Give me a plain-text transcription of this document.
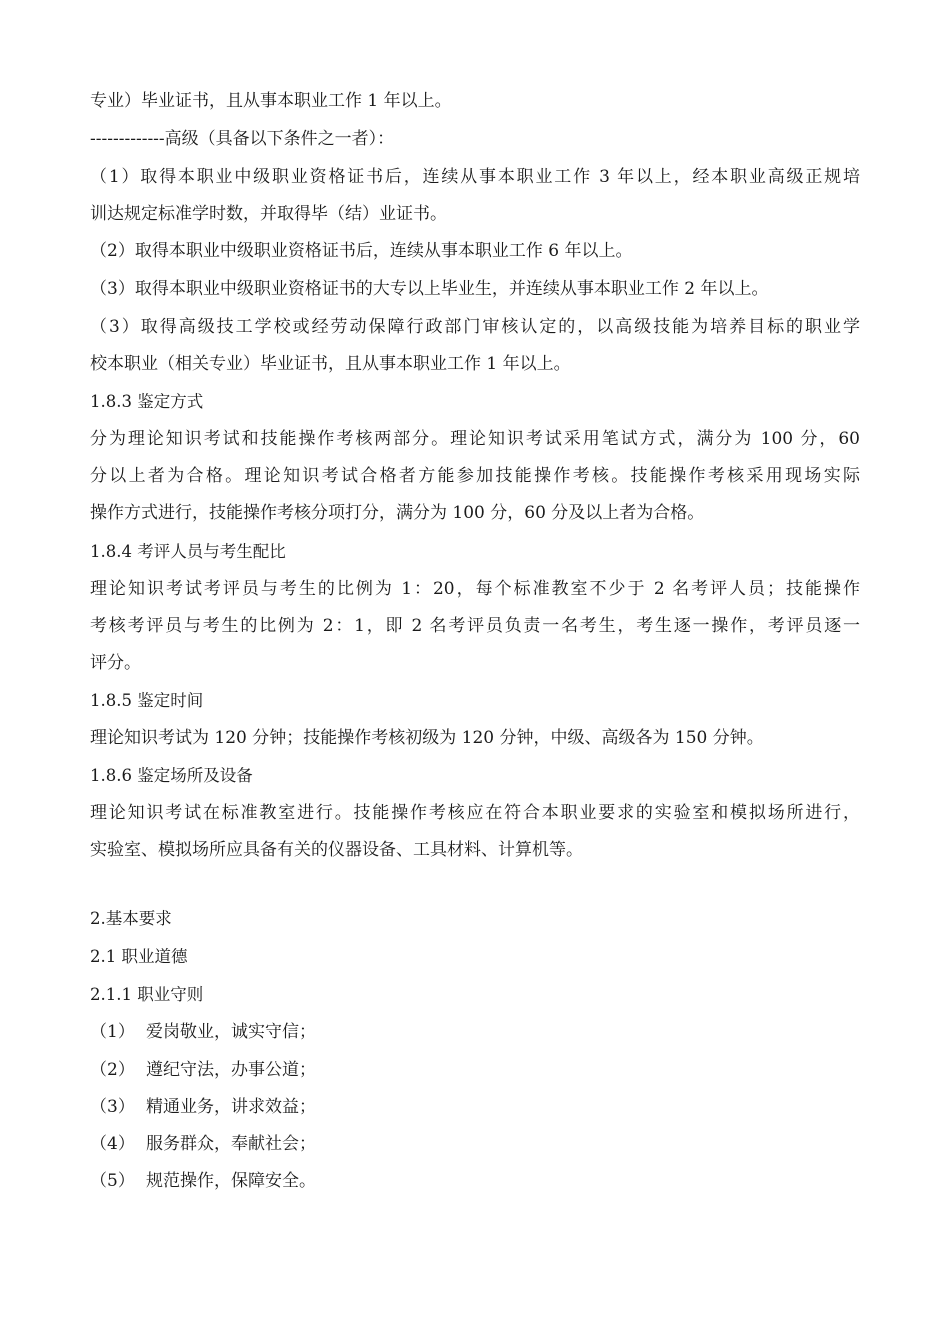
专业）毕业证书，且从事本职业工作 1 年以上。
-------------高级（具备以下条件之一者）：
（1）取得本职业中级职业资格证书后，连续从事本职业工作 3 年以上，经本职业高级正规培
训达规定标准学时数，并取得毕（结）业证书。
（2）取得本职业中级职业资格证书后，连续从事本职业工作 6 年以上。
（3）取得本职业中级职业资格证书的大专以上毕业生，并连续从事本职业工作 2 年以上。
（3）取得高级技工学校或经劳动保障行政部门审核认定的，以高级技能为培养目标的职业学
校本职业（相关专业）毕业证书，且从事本职业工作 1 年以上。
1.8.3 鉴定方式
分为理论知识考试和技能操作考核两部分。理论知识考试采用笔试方式，满分为 100 分，60
分以上者为合格。理论知识考试合格者方能参加技能操作考核。技能操作考核采用现场实际
操作方式进行，技能操作考核分项打分，满分为 100 分，60 分及以上者为合格。
1.8.4 考评人员与考生配比
理论知识考试考评员与考生的比例为 1：20，每个标准教室不少于 2 名考评人员；技能操作
考核考评员与考生的比例为 2：1，即 2 名考评员负责一名考生，考生逐一操作，考评员逐一
评分。
1.8.5 鉴定时间
理论知识考试为 120 分钟；技能操作考核初级为 120 分钟，中级、高级各为 150 分钟。
1.8.6 鉴定场所及设备
理论知识考试在标准教室进行。技能操作考核应在符合本职业要求的实验室和模拟场所进行，
实验室、模拟场所应具备有关的仪器设备、工具材料、计算机等。
2.基本要求
2.1 职业道德
2.1.1 职业守则
（1） 爱岗敬业，诚实守信；
（2） 遵纪守法，办事公道；
（3） 精通业务，讲求效益；
（4） 服务群众，奉献社会；
（5） 规范操作，保障安全。
